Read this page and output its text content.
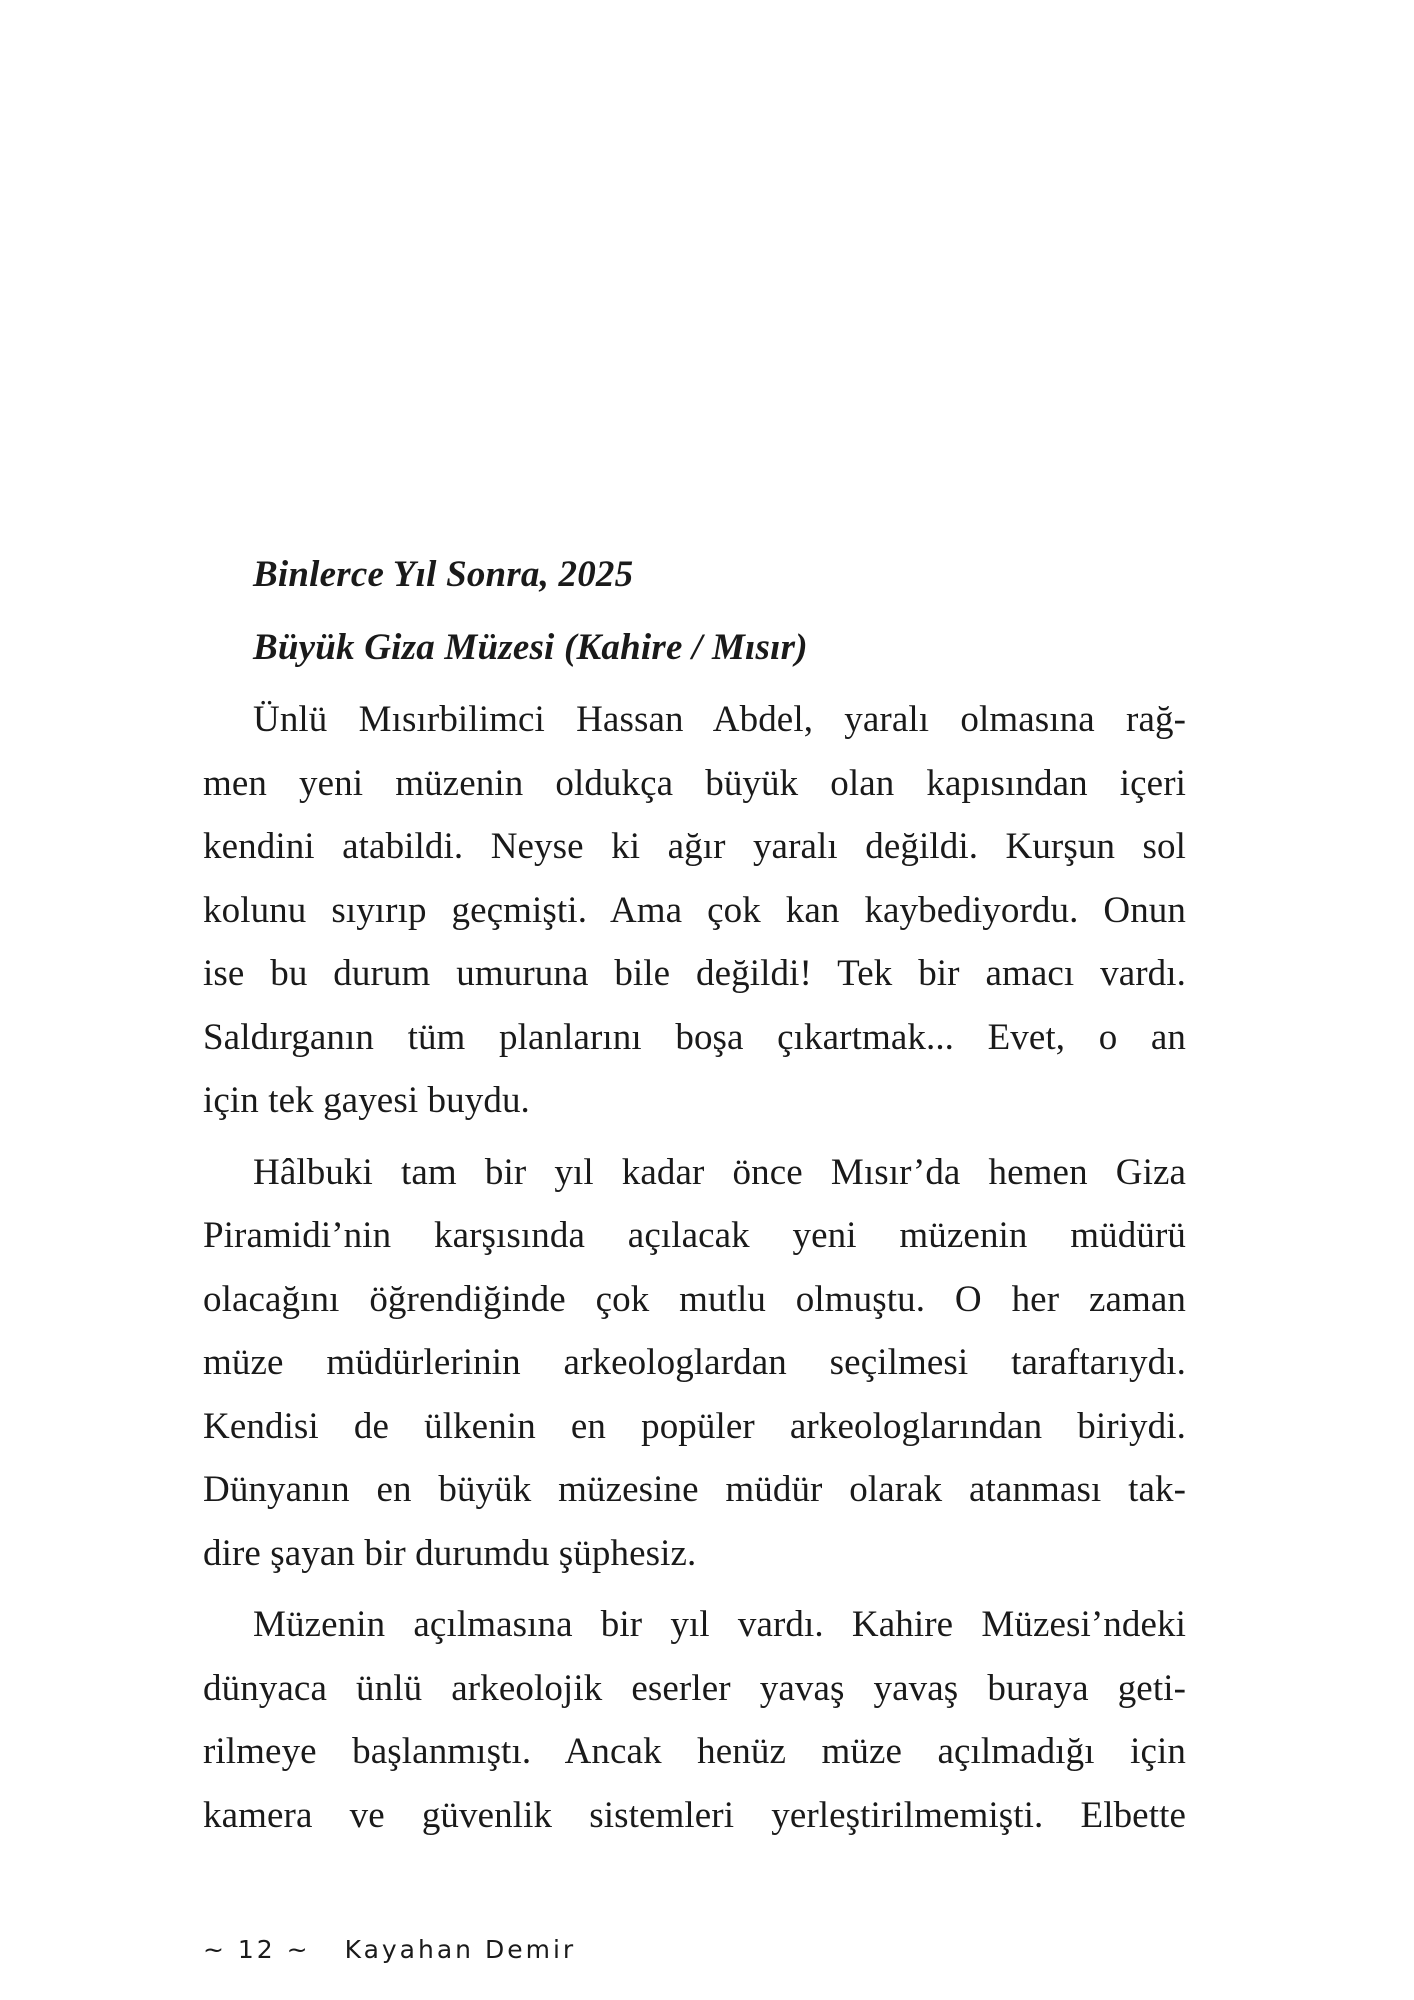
Binlerce Yıl Sonra, 2025

Büyük Giza Müzesi (Kahire / Mısır)

Ünlü Mısırbilimci Hassan Abdel, yaralı olmasına rağ-
men yeni müzenin oldukça büyük olan kapısından içeri
kendini atabildi. Neyse ki ağır yaralı değildi. Kurşun sol
kolunu sıyırıp geçmişti. Ama çok kan kaybediyordu. Onun
ise bu durum umuruna bile değildi! Tek bir amacı vardı.
Saldırganın tüm planlarını boşa çıkartmak... Evet, o an
için tek gayesi buydu.

Hâlbuki tam bir yıl kadar önce Mısır’da hemen Giza
Piramidi’nin karşısında açılacak yeni müzenin müdürü
olacağını öğrendiğinde çok mutlu olmuştu. O her zaman
müze müdürlerinin arkeologlardan seçilmesi taraftarıydı.
Kendisi de ülkenin en popüler arkeologlarından biriydi.
Dünyanın en büyük müzesine müdür olarak atanması tak-
dire şayan bir durumdu şüphesiz.

Müzenin açılmasına bir yıl vardı. Kahire Müzesi’ndeki
dünyaca ünlü arkeolojik eserler yavaş yavaş buraya geti-
rilmeye başlanmıştı. Ancak henüz müze açılmadığı için
kamera ve güvenlik sistemleri yerleştirilmemişti. Elbette

~ 12 ~ Kayahan Demir
